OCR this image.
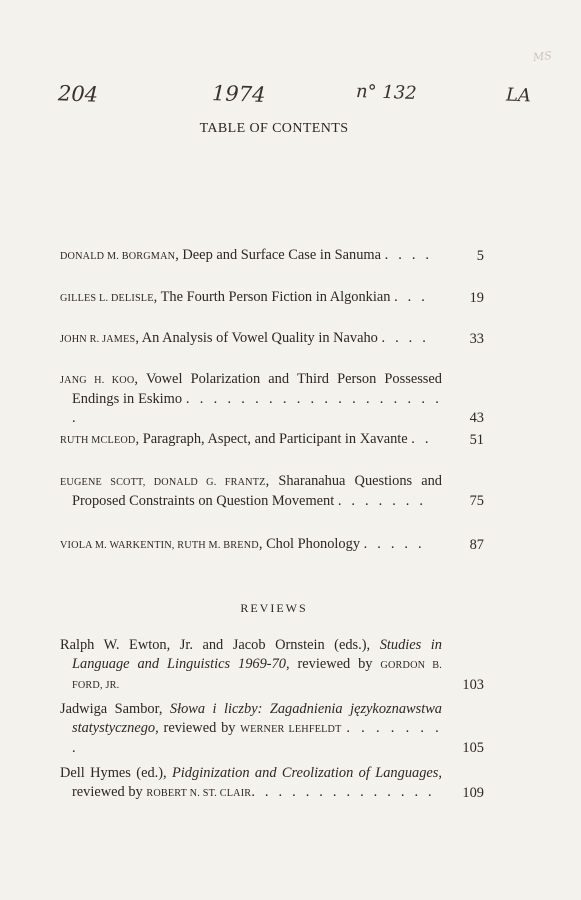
204	1974	n° 132	LA
MS
TABLE OF CONTENTS
DONALD M. BORGMAN, Deep and Surface Case in Sanuma . . . .	5
GILLES L. DELISLE, The Fourth Person Fiction in Algonkian . . .	19
JOHN R. JAMES, An Analysis of Vowel Quality in Navaho . . . .	33
JANG H. KOO, Vowel Polarization and Third Person Possessed Endings in Eskimo . . . . . . . . . . . . . . . . . . . .	43
RUTH MCLEOD, Paragraph, Aspect, and Participant in Xavante . .	51
EUGENE SCOTT, DONALD G. FRANTZ, Sharanahua Questions and Proposed Constraints on Question Movement . . . . . . .	75
VIOLA M. WARKENTIN, RUTH M. BREND, Chol Phonology . . . . .	87
REVIEWS
Ralph W. Ewton, Jr. and Jacob Ornstein (eds.), Studies in Language and Linguistics 1969-70, reviewed by GORDON B. FORD, JR.	103
Jadwiga Sambor, Słowa i liczby: Zagadnienia językoznawstwa statystycznego, reviewed by WERNER LEHFELDT . . . . . . . .	105
Dell Hymes (ed.), Pidginization and Creolization of Languages, reviewed by ROBERT N. ST. CLAIR. . . . . . . . . . . . . .	109
